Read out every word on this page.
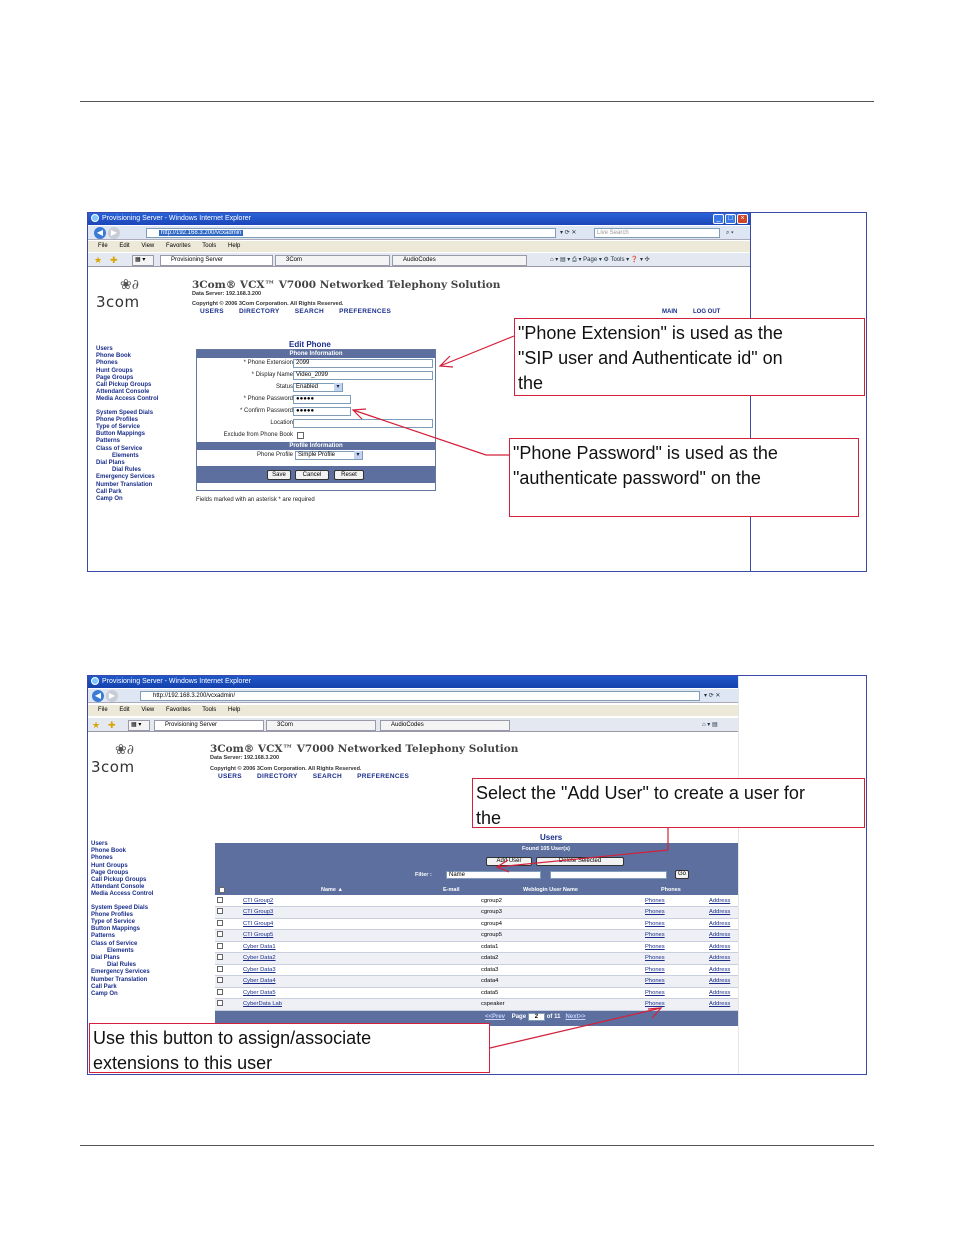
Provisioning Server - Windows Internet Explorer	_	□	×
◀ ▶	http://192.168.3.200/vcxadmin	▾ ⟳ ✕	Live Search	⌕ ▾
File Edit View Favorites Tools Help
★ ✚	▦ ▾	Provisioning Server	3Com	AudioCodes	⌂ ▾ ▤ ▾ ⎙ ▾ Page ▾ ⚙ Tools ▾ ❓ ▾ ✣
❀∂
3com
3Com® VCX™ V7000 Networked Telephony Solution
Data Server: 192.168.3.200
Copyright © 2006 3Com Corporation. All Rights Reserved.
USERS DIRECTORY SEARCH PREFERENCES	MAIN	LOG OUT
Users
Phone Book
Phones
Hunt Groups
Page Groups
Call Pickup Groups
Attendant Console
Media Access Control
System Speed Dials
Phone Profiles
Type of Service
Button Mappings
Patterns
Class of Service
Elements
Dial Plans
Dial Rules
Emergency Services
Number Translation
Call Park
Camp On
Edit Phone
Phone Information
* Phone Extension 2099
* Display Name Video_2099
Status Enabled ▾
* Phone Password ●●●●●
* Confirm Password ●●●●●
Location
Exclude from Phone Book
Profile Information
Phone Profile Simple Profile ▾
Save	Cancel	Reset
Fields marked with an asterisk * are required
"Phone Extension" is used as the
"SIP user and Authenticate id" on
the
"Phone Password" is used as the
"authenticate password" on the
Provisioning Server - Windows Internet Explorer
◀ ▶	http://192.168.3.200/vcxadmin/	▾ ⟳ ✕
File Edit View Favorites Tools Help
★ ✚	▦ ▾	Provisioning Server	3Com	AudioCodes	⌂ ▾ ▤
❀∂
3com
3Com® VCX™ V7000 Networked Telephony Solution
Data Server: 192.168.3.200
Copyright © 2006 3Com Corporation. All Rights Reserved.
USERS DIRECTORY SEARCH PREFERENCES
Users
Phone Book
Phones
Hunt Groups
Page Groups
Call Pickup Groups
Attendant Console
Media Access Control
System Speed Dials
Phone Profiles
Type of Service
Button Mappings
Patterns
Class of Service
Elements
Dial Plans
Dial Rules
Emergency Services
Number Translation
Call Park
Camp On
Users
Found 105 User(s)
Add User	Delete Selected
Filter :	Name	Go
Name ▲	E-mail	Weblogin User Name	Phones
	CTI Group2		cgroup2	Phones	Address
	CTI Group3		cgroup3	Phones	Address
	CTI Group4		cgroup4	Phones	Address
	CTI Group5		cgroup5	Phones	Address
	Cyber Data1		cdata1	Phones	Address
	Cyber Data2		cdata2	Phones	Address
	Cyber Data3		cdata3	Phones	Address
	Cyber Data4		cdata4	Phones	Address
	Cyber Data5		cdata5	Phones	Address
	CyberData Lab		cspeaker	Phones	Address
<<Prev Page 2 of 11 Next>>
Select the "Add User" to create a user for
the
Use this button to assign/associate
extensions to this user
